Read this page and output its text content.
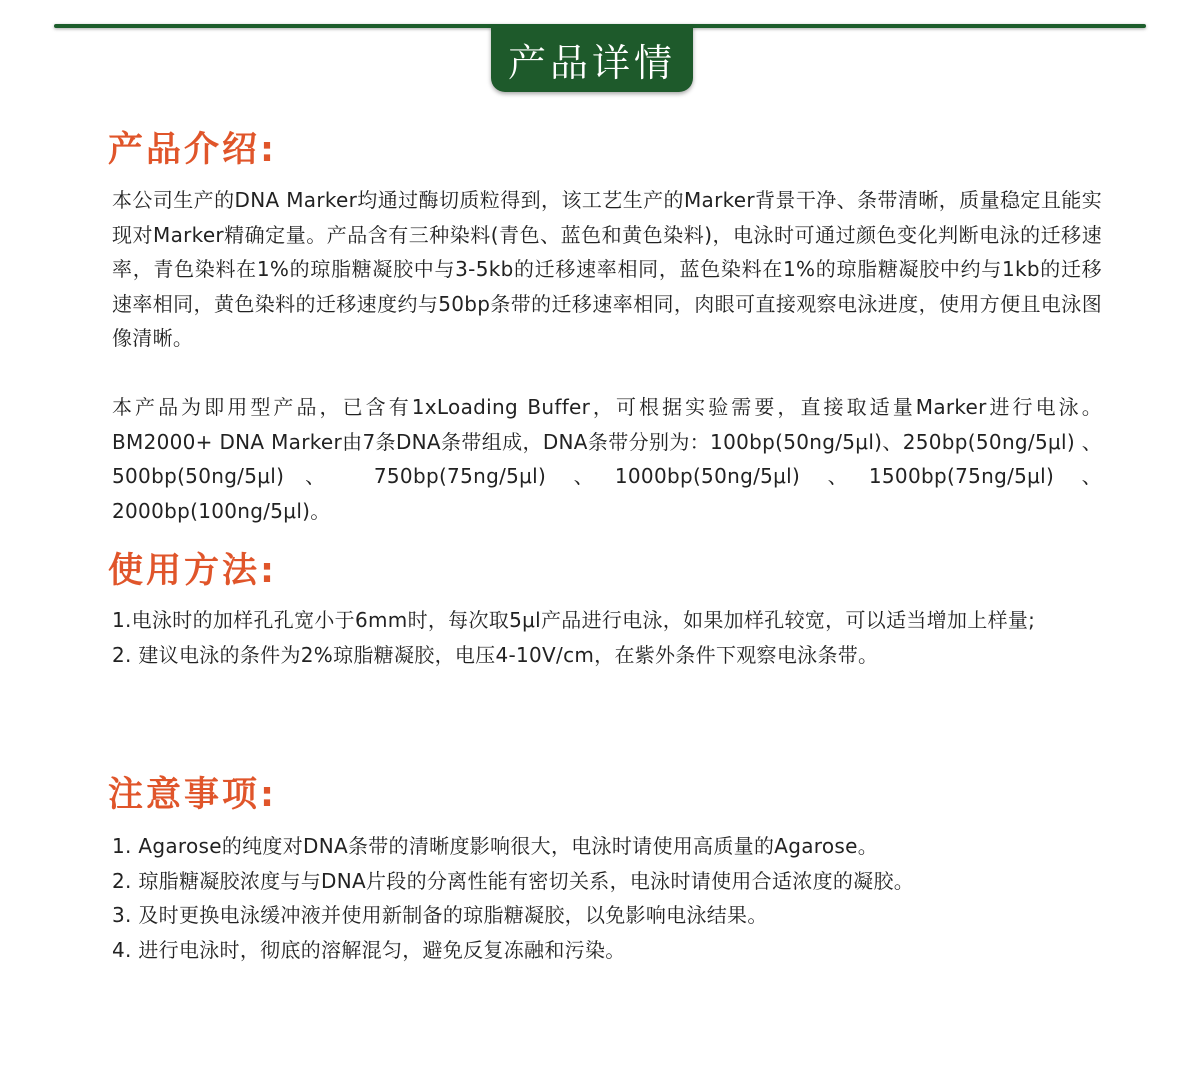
产品详情
产品介绍:

本公司生产的DNA Marker均通过酶切质粒得到，该工艺生产的Marker背景干净、条带清晰，质量稳定且能实现对Marker精确定量。产品含有三种染料(青色、蓝色和黄色染料)，电泳时可通过颜色变化判断电泳的迁移速率，青色染料在1%的琼脂糖凝胶中与3-5kb的迁移速率相同，蓝色染料在1%的琼脂糖凝胶中约与1kb的迁移速率相同，黄色染料的迁移速度约与50bp条带的迁移速率相同，肉眼可直接观察电泳进度，使用方便且电泳图像清晰。

本产品为即用型产品，已含有1xLoading Buffer，可根据实验需要，直接取适量Marker进行电泳。BM2000+ DNA Marker由7条DNA条带组成，DNA条带分别为：100bp(50ng/5μl)、250bp(50ng/5μl) 、500bp(50ng/5μl)、 750bp(75ng/5μl) 、1000bp(50ng/5μl) 、1500bp(75ng/5μl) 、2000bp(100ng/5μl)。

使用方法:
1.电泳时的加样孔孔宽小于6mm时，每次取5μl产品进行电泳，如果加样孔较宽，可以适当增加上样量;
2. 建议电泳的条件为2%琼脂糖凝胶，电压4-10V/cm，在紫外条件下观察电泳条带。
注意事项:
1. Agarose的纯度对DNA条带的清晰度影响很大，电泳时请使用高质量的Agarose。
2. 琼脂糖凝胶浓度与与DNA片段的分离性能有密切关系，电泳时请使用合适浓度的凝胶。
3. 及时更换电泳缓冲液并使用新制备的琼脂糖凝胶，以免影响电泳结果。
4. 进行电泳时，彻底的溶解混匀，避免反复冻融和污染。
